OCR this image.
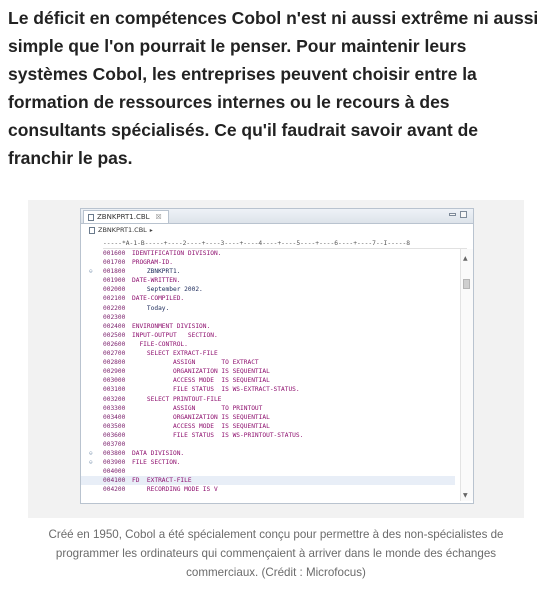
Le déficit en compétences Cobol n'est ni aussi extrême ni aussi simple que l'on pourrait le penser. Pour maintenir leurs systèmes Cobol, les entreprises peuvent choisir entre la formation de ressources internes ou le recours à des consultants spécialisés. Ce qu'il faudrait savoir avant de franchir le pas.

ZBNKPRT1.CBL ☒
ZBNKPRT1.CBL ▸
-----*A-1-B-----+----2----+----3----+----4----+----5----+----6----+----7--I-----8
001600 IDENTIFICATION DIVISION.
001700 PROGRAM-ID.
⊖	001800 ZBNKPRT1.
001900 DATE-WRITTEN.
002000 September 2002.
002100 DATE-COMPILED.
002200 Today.
002300
002400 ENVIRONMENT DIVISION.
002500 INPUT-OUTPUT   SECTION.
002600 FILE-CONTROL.
002700 SELECT EXTRACT-FILE
002800 ASSIGN       TO EXTRACT
002900 ORGANIZATION IS SEQUENTIAL
003000 ACCESS MODE  IS SEQUENTIAL
003100 FILE STATUS  IS WS-EXTRACT-STATUS.
003200 SELECT PRINTOUT-FILE
003300 ASSIGN       TO PRINTOUT
003400 ORGANIZATION IS SEQUENTIAL
003500 ACCESS MODE  IS SEQUENTIAL
003600 FILE STATUS  IS WS-PRINTOUT-STATUS.
003700
⊖	003800 DATA DIVISION.
⊖	003900 FILE SECTION.
004000
004100 FD  EXTRACT-FILE
004200 RECORDING MODE IS V
▲
▼

Créé en 1950, Cobol a été spécialement conçu pour permettre à des non-spécialistes de programmer les ordinateurs qui commençaient à arriver dans le monde des échanges commerciaux. (Crédit : Microfocus)
